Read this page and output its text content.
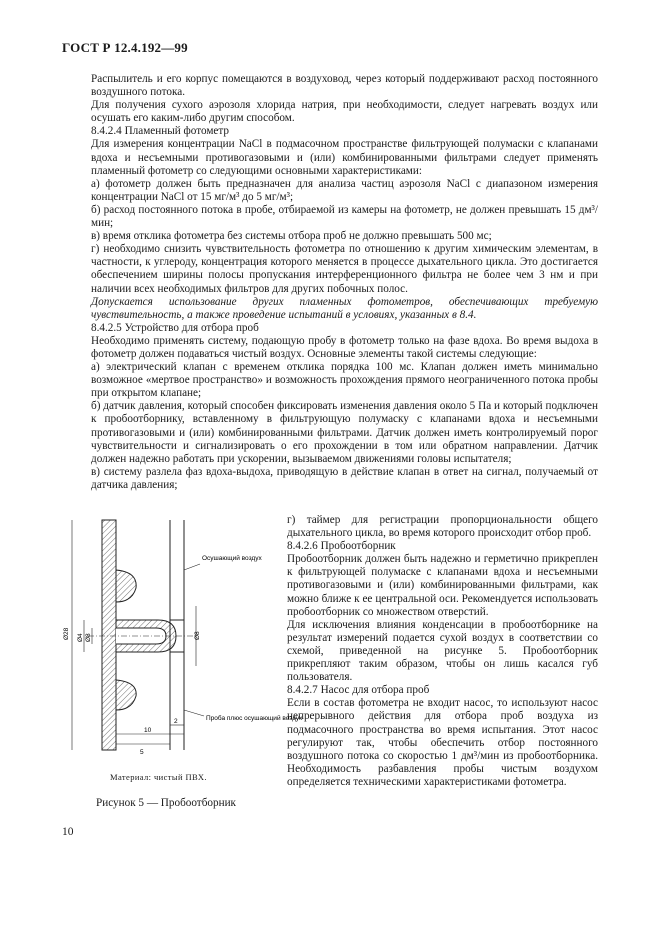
ГОСТ Р 12.4.192—99

Распылитель и его корпус помещаются в воздуховод, через который поддерживают расход постоянного воздушного потока.

Для получения сухого аэрозоля хлорида натрия, при необходимости, следует нагревать воздух или осушать его каким-либо другим способом.

8.4.2.4 Пламенный фотометр

Для измерения концентрации NaCl в подмасочном пространстве фильтрующей полумаски с клапанами вдоха и несъемными противогазовыми и (или) комбинированными фильтрами следует применять пламенный фотометр со следующими основными характеристиками:

а) фотометр должен быть предназначен для анализа частиц аэрозоля NaCl с диапазоном измерения концентрации NaCl от 15 мг/м³ до 5 мг/м³;

б) расход постоянного потока в пробе, отбираемой из камеры на фотометр, не должен превышать 15 дм³/мин;

в) время отклика фотометра без системы отбора проб не должно превышать 500 мс;

г) необходимо снизить чувствительность фотометра по отношению к другим химическим элементам, в частности, к углероду, концентрация которого меняется в процессе дыхательного цикла. Это достигается обеспечением ширины полосы пропускания интерференционного фильтра не более чем 3 нм и при наличии всех необходимых фильтров для других побочных полос.

Допускается использование других пламенных фотометров, обеспечивающих требуемую чувствительность, а также проведение испытаний в условиях, указанных в 8.4.

8.4.2.5 Устройство для отбора проб

Необходимо применять систему, подающую пробу в фотометр только на фазе вдоха. Во время выдоха в фотометр должен подаваться чистый воздух. Основные элементы такой системы следующие:

а) электрический клапан с временем отклика порядка 100 мс. Клапан должен иметь минимально возможное «мертвое пространство» и возможность прохождения прямого неограниченного потока пробы при открытом клапане;

б) датчик давления, который способен фиксировать изменения давления около 5 Па и который подключен к пробоотборнику, вставленному в фильтрующую полумаску с клапанами вдоха и несъемными противогазовыми и (или) комбинированными фильтрами. Датчик должен иметь контролируемый порог чувствительности и сигнализировать о его прохождении в том или обратном направлении. Датчик должен надежно работать при ускорении, вызываемом движениями головы испытателя;

в) систему разлела фаз вдоха-выдоха, приводящую в действие клапан в ответ на сигнал, получаемый от датчика давления;

г) таймер для регистрации пропорциональности общего дыхательного цикла, во время которого происходит отбор проб.

8.4.2.6 Пробоотборник

Пробоотборник должен быть надежно и герметично прикреплен к фильтрующей полумаске с клапанами вдоха и несъемными противогазовыми и (или) комбинированными фильтрами, как можно ближе к ее центральной оси. Рекомендуется использовать пробоотборник со множеством отверстий.

Для исключения влияния конденсации в пробоотборнике на результат измерений подается сухой воздух в соответствии со схемой, приведенной на рисунке 5. Пробоотборник прикрепляют таким образом, чтобы он лишь касался губ пользователя.

8.4.2.7 Насос для отбора проб

Если в состав фотометра не входит насос, то используют насос непрерывного действия для отбора проб воздуха из подмасочного пространства во время испытания. Этот насос регулируют так, чтобы обеспечить отбор постоянного воздушного потока со скоростью 1 дм³/мин из пробоотборника. Необходимость разбавления пробы чистым воздухом определяется техническими характеристиками фотометра.

Осушающий воздух
Проба плюс осушающий воздух
Ø28 Ø4 Ø8	Ø8
2
10
5
Материал: чистый ПВХ.
Рисунок 5 — Пробоотборник
10
